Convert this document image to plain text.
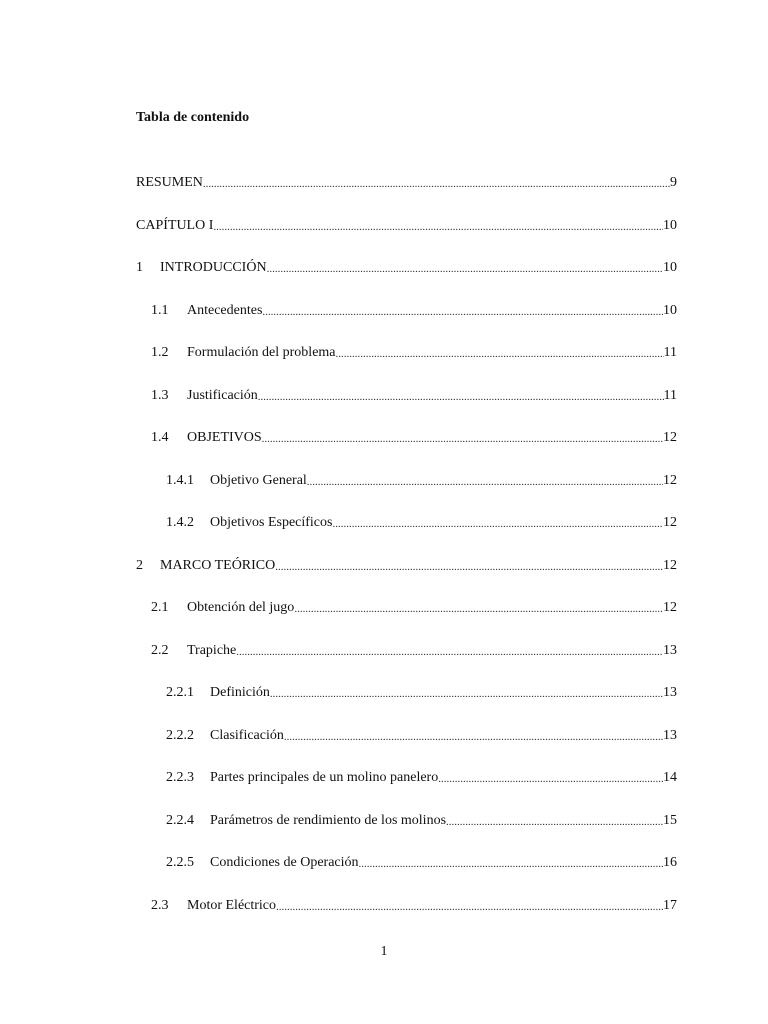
Tabla de contenido
RESUMEN .....	9
CAPÍTULO I .....	10
1	INTRODUCCIÓN .....	10
1.1	Antecedentes .....	10
1.2	Formulación del problema .....	11
1.3	Justificación .....	11
1.4	OBJETIVOS .....	12
1.4.1	Objetivo General .....	12
1.4.2	Objetivos Específicos .....	12
2	MARCO TEÓRICO .....	12
2.1	Obtención del jugo .....	12
2.2	Trapiche .....	13
2.2.1	Definición .....	13
2.2.2	Clasificación .....	13
2.2.3	Partes principales de un molino panelero .....	14
2.2.4	Parámetros de rendimiento de los molinos .....	15
2.2.5	Condiciones de Operación .....	16
2.3	Motor Eléctrico .....	17
1
